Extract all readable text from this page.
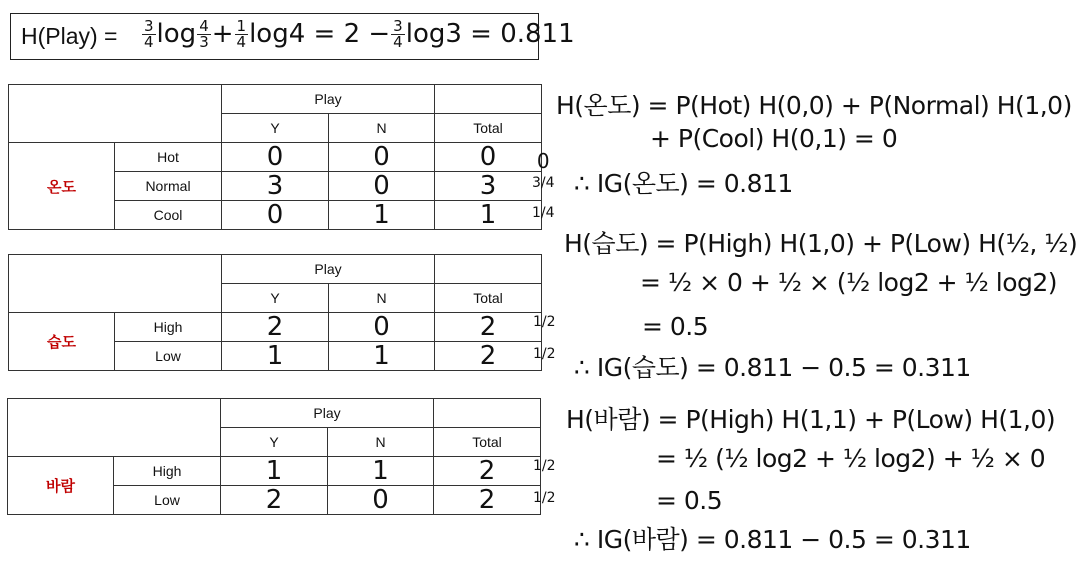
H(Play) = $\frac{3}{4}$ $\log \frac{4}{3} + \frac{1}{4} \log 4 = 2 - \frac{3}{4} \log 3 = 0.811$
		Play		
		Y	N	Total
온도	Hot	0	0	0
	Normal	3	0	3
	Cool	0	1	1
0
3/4
1/4
		Play		
		Y	N	Total
습도	High	2	0	2
	Low	1	1	2
1/2
1/2
		Play		
		Y	N	Total
바람	High	1	1	2
	Low	2	0	2
1/2
1/2
H(온도) = P(Hot) H(0,0) + P(Normal) H(1,0)
+ P(Cool) H(0,1) = 0
∴ IG(온도) = 0.811
H(습도) = P(High) H(1,0) + P(Low) H(½, ½)
= ½ × 0 + ½ × (½ log2 + ½ log2)
= 0.5
∴ IG(습도) = 0.811 − 0.5 = 0.311
H(바람) = P(High) H(1,1) + P(Low) H(1,0)
= ½ (½ log2 + ½ log2) + ½ × 0
= 0.5
∴ IG(바람) = 0.811 − 0.5 = 0.311
